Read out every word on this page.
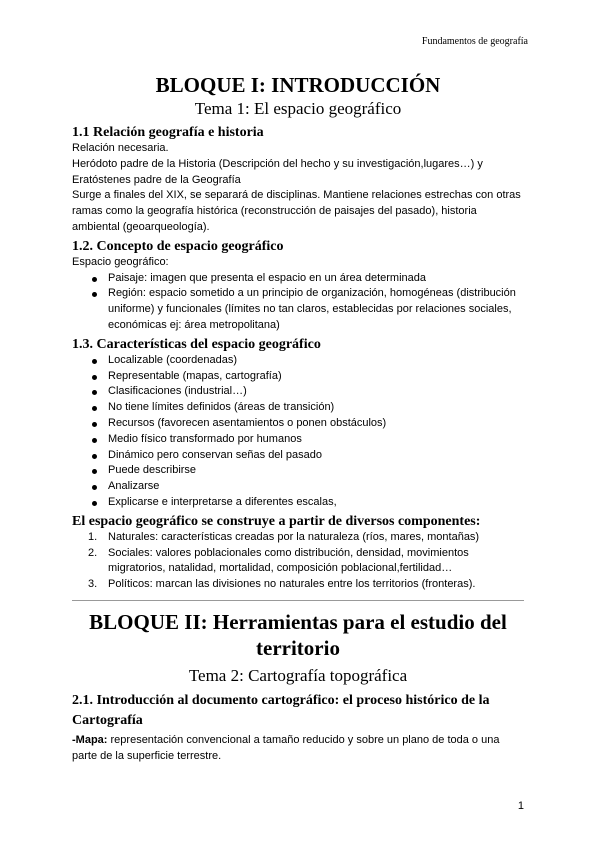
Fundamentos de geografía
BLOQUE I: INTRODUCCIÓN
Tema 1: El espacio geográfico
1.1 Relación geografía e historia

Relación necesaria.

Heródoto padre de la Historia (Descripción del hecho y su investigación,lugares…) y Eratóstenes padre de la Geografía

Surge a finales del XIX, se separará de disciplinas. Mantiene relaciones estrechas con otras ramas como la geografía histórica (reconstrucción de paisajes del pasado), historia ambiental (geoarqueología).

1.2. Concepto de espacio geográfico

Espacio geográfico:

Paisaje: imagen que presenta el espacio en un área determinada
Región: espacio sometido a un principio de organización, homogéneas (distribución uniforme) y funcionales (límites no tan claros, establecidas por relaciones sociales, económicas ej: área metropolitana)
1.3. Características del espacio geográfico
Localizable (coordenadas)
Representable (mapas, cartografía)
Clasificaciones (industrial…)
No tiene límites definidos (áreas de transición)
Recursos (favorecen asentamientos o ponen obstáculos)
Medio físico transformado por humanos
Dinámico pero conservan señas del pasado
Puede describirse
Analizarse
Explicarse e interpretarse a diferentes escalas,
El espacio geográfico se construye a partir de diversos componentes:
1. Naturales: características creadas por la naturaleza (ríos, mares, montañas)
2. Sociales: valores poblacionales como distribución, densidad, movimientos migratorios, natalidad, mortalidad, composición poblacional,fertilidad…
3. Políticos: marcan las divisiones no naturales entre los territorios (fronteras).
BLOQUE II: Herramientas para el estudio del territorio
Tema 2: Cartografía topográfica
2.1. Introducción al documento cartográfico: el proceso histórico de la Cartografía

-Mapa: representación convencional a tamaño reducido y sobre un plano de toda o una parte de la superficie terrestre.

1
